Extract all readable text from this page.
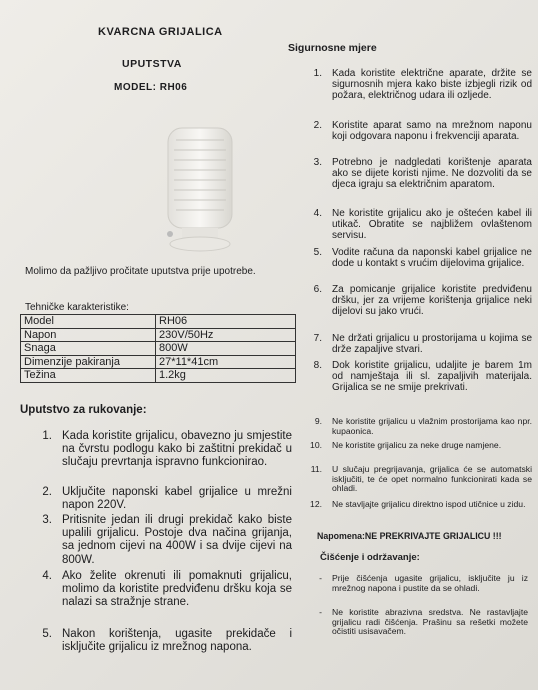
KVARCNA GRIJALICA
UPUTSTVA
MODEL: RH06
Molimo da pažljivo pročitate uputstva prije upotrebe.
Tehničke karakteristike:
Model	RH06
Napon	230V/50Hz
Snaga	800W
Dimenzije pakiranja	27*11*41cm
Težina	1.2kg
Uputstvo za rukovanje:
1. Kada koristite grijalicu, obavezno ju smjestite na čvrstu podlogu kako bi zaštitni prekidač u slučaju prevrtanja ispravno funkcionirao.
2. Uključite naponski kabel grijalice u mrežni napon 220V.
3. Pritisnite jedan ili drugi prekidač kako biste upalili grijalicu. Postoje dva načina grijanja, sa jednom cijevi na 400W i sa dvije cijevi na 800W.
4. Ako želite okrenuti ili pomaknuti grijalicu, molimo da koristite predviđenu dršku koja se nalazi sa stražnje strane.
5. Nakon korištenja, ugasite prekidače i isključite grijalicu iz mrežnog napona.
Sigurnosne mjere
1. Kada koristite električne aparate, držite se sigurnosnih mjera kako biste izbjegli rizik od požara, električnog udara ili ozljede.
2. Koristite aparat samo na mrežnom naponu koji odgovara naponu i frekvenciji aparata.
3. Potrebno je nadgledati korištenje aparata ako se dijete koristi njime. Ne dozvoliti da se djeca igraju sa električnim aparatom.
4. Ne koristite grijalicu ako je oštećen kabel ili utikač. Obratite se najbližem ovlaštenom servisu.
5. Vodite računa da naponski kabel grijalice ne dode u kontakt s vrućim dijelovima grijalice.
6. Za pomicanje grijalice koristite predviđenu dršku, jer za vrijeme korištenja grijalice neki dijelovi su jako vrući.
7. Ne držati grijalicu u prostorijama u kojima se drže zapaljive stvari.
8. Dok koristite grijalicu, udaljite je barem 1m od namještaja ili sl. zapaljivih materijala. Grijalica se ne smije prekrivati.
9. Ne koristite grijalicu u vlažnim prostorijama kao npr. kupaonica.
10. Ne koristite grijalicu za neke druge namjene.
11. U slučaju pregrijavanja, grijalica će se automatski isključiti, te će opet normalno funkcionirati kada se ohladi.
12. Ne stavljajte grijalicu direktno ispod utičnice u zidu.
Napomena:NE PREKRIVAJTE GRIJALICU !!!
Čišćenje i održavanje:
- Prije čišćenja ugasite grijalicu, isključite ju iz mrežnog napona i pustite da se ohladi.
- Ne koristite abrazivna sredstva. Ne rastavljajte grijalicu radi čišćenja. Prašinu sa rešetki možete očistiti usisavačem.
